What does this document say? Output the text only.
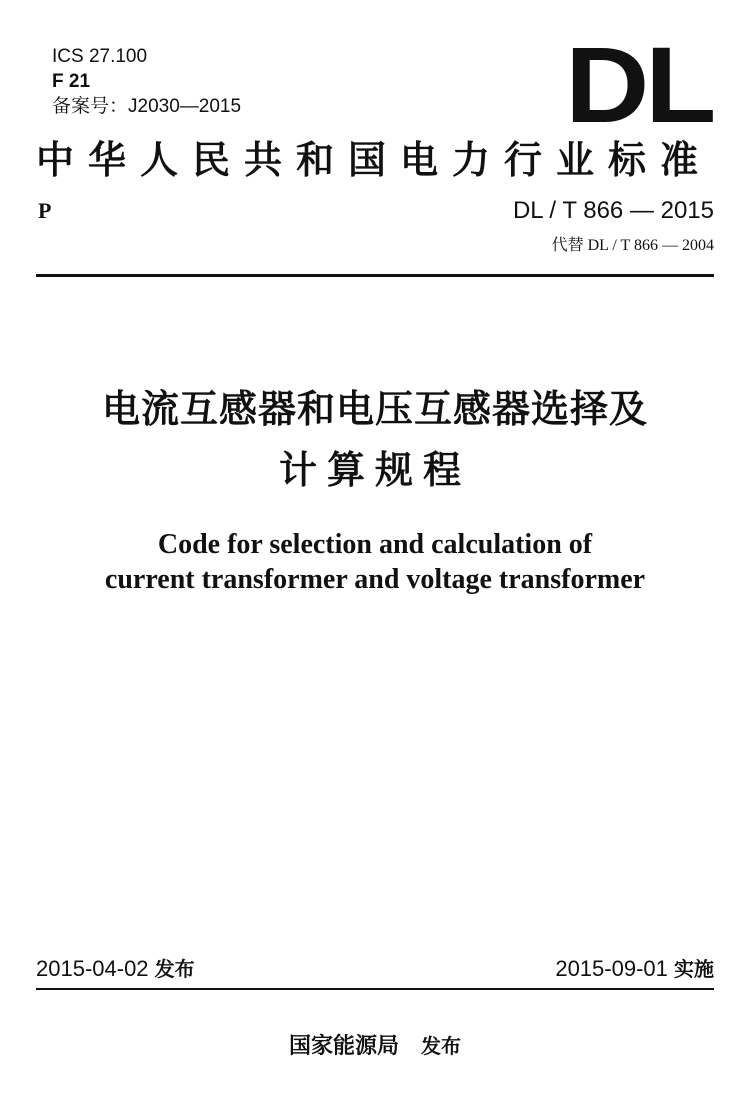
ICS 27.100
F 21
备案号：J2030—2015	DL
中华人民共和国电力行业标准
P	DL / T 866 — 2015
代替 DL / T 866 — 2004
电流互感器和电压互感器选择及
计算规程
Code for selection and calculation of
current transformer and voltage transformer
2015-04-02 发布	2015-09-01 实施
国家能源局 发布
